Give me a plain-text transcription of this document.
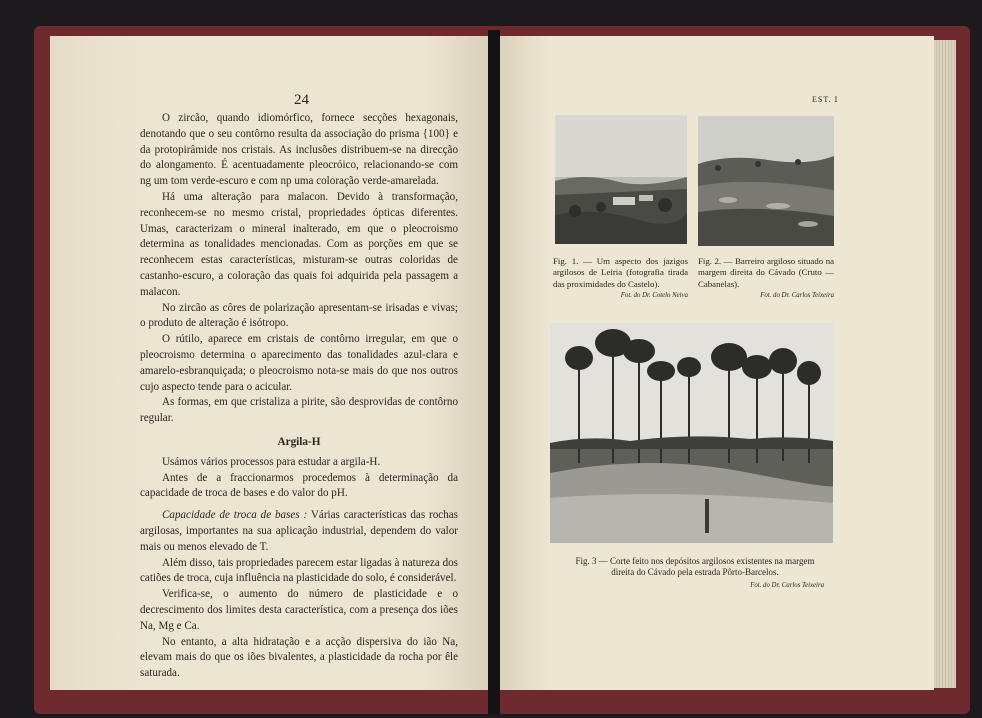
24

O zircão, quando idiomórfico, fornece secções hexagonais, denotando que o seu contôrno resulta da associação do prisma {100} e da protopirâmide nos cristais. As inclusões distribuem-se na direcção do alongamento. É acentuadamente pleocróico, relacionando-se com ng um tom verde-escuro e com np uma coloração verde-amarelada.

Há uma alteração para malacon. Devido à transformação, reconhecem-se no mesmo cristal, propriedades ópticas diferentes. Umas, caracterizam o mineral inalterado, em que o pleocroismo determina as tonalidades mencionadas. Com as porções em que se reconhecem estas características, misturam-se outras coloridas de castanho-escuro, a coloração das quais foi adquirida pela passagem a malacon.

No zircão as côres de polarização apresentam-se irisadas e vivas; o produto de alteração é isótropo.

O rútilo, aparece em cristais de contôrno irregular, em que o pleocroismo determina o aparecimento das tonalidades azul-clara e amarelo-esbranquiçada; o pleocroismo nota-se mais do que nos outros cujo aspecto tende para o acicular.

As formas, em que cristaliza a pirite, são desprovidas de contôrno regular.

Argila-H

Usámos vários processos para estudar a argila-H.

Antes de a fraccionarmos procedemos à determinação da capacidade de troca de bases e do valor do pH.

Capacidade de troca de bases : Várias características das rochas argilosas, importantes na sua aplicação industrial, dependem do valor mais ou menos elevado de T.

Além disso, tais propriedades parecem estar ligadas à natureza dos catiões de troca, cuja influência na plasticidade do solo, é considerável.

Verifica-se, o aumento do número de plasticidade e o decrescimento dos limites desta característica, com a presença dos iões Na, Mg e Ca.

No entanto, a alta hidratação e a acção dispersiva do ião Na, elevam mais do que os iões bivalentes, a plasticidade da rocha por êle saturada.

EST. I
Fig. 1. — Um aspecto dos jazigos argilosos de Leiria (fotografia tirada das proximidades do Castelo).
Fot. do Dr. Cotelo Neiva
Fig. 2. — Barreiro argiloso situado na margem direita do Cávado (Cruto — Cabanelas).
Fot. do Dr. Carlos Teixeira
Fig. 3 — Corte feito nos depósitos argilosos existentes na margem direita do Cávado pela estrada Pôrto-Barcelos.
Fot. do Dr. Carlos Teixeira
